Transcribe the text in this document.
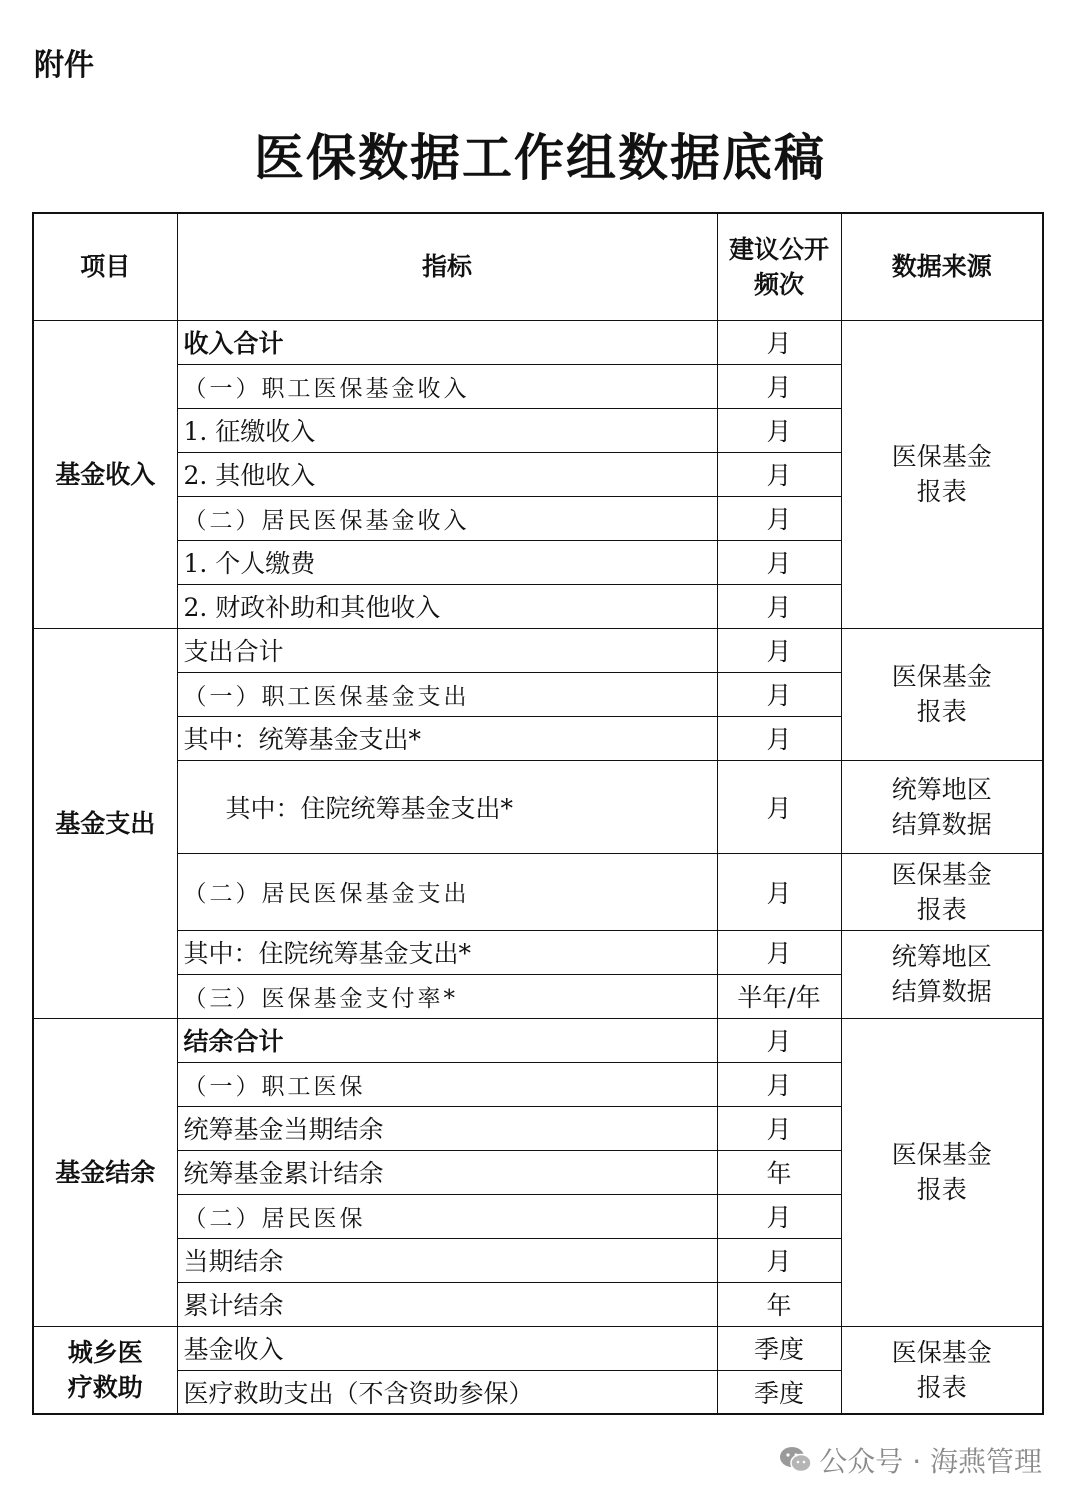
附件
医保数据工作组数据底稿
项目	指标	建议公开频次	数据来源
基金收入	收入合计	月	医保基金报表
	（一）职工医保基金收入	月	
	1. 征缴收入	月	
	2. 其他收入	月	
	（二）居民医保基金收入	月	
	1. 个人缴费	月	
	2. 财政补助和其他收入	月	
基金支出	支出合计	月	医保基金报表
	（一）职工医保基金支出	月	
	其中：统筹基金支出*	月	
	其中：住院统筹基金支出*	月	统筹地区结算数据
	（二）居民医保基金支出	月	医保基金报表
	其中：住院统筹基金支出*	月	统筹地区结算数据
	（三）医保基金支付率*	半年/年	
基金结余	结余合计	月	医保基金报表
	（一）职工医保	月	
	统筹基金当期结余	月	
	统筹基金累计结余	年	
	（二）居民医保	月	
	当期结余	月	
	累计结余	年	
城乡医疗救助	基金收入	季度	医保基金报表
	医疗救助支出（不含资助参保）	季度	
公众号 · 海燕管理
